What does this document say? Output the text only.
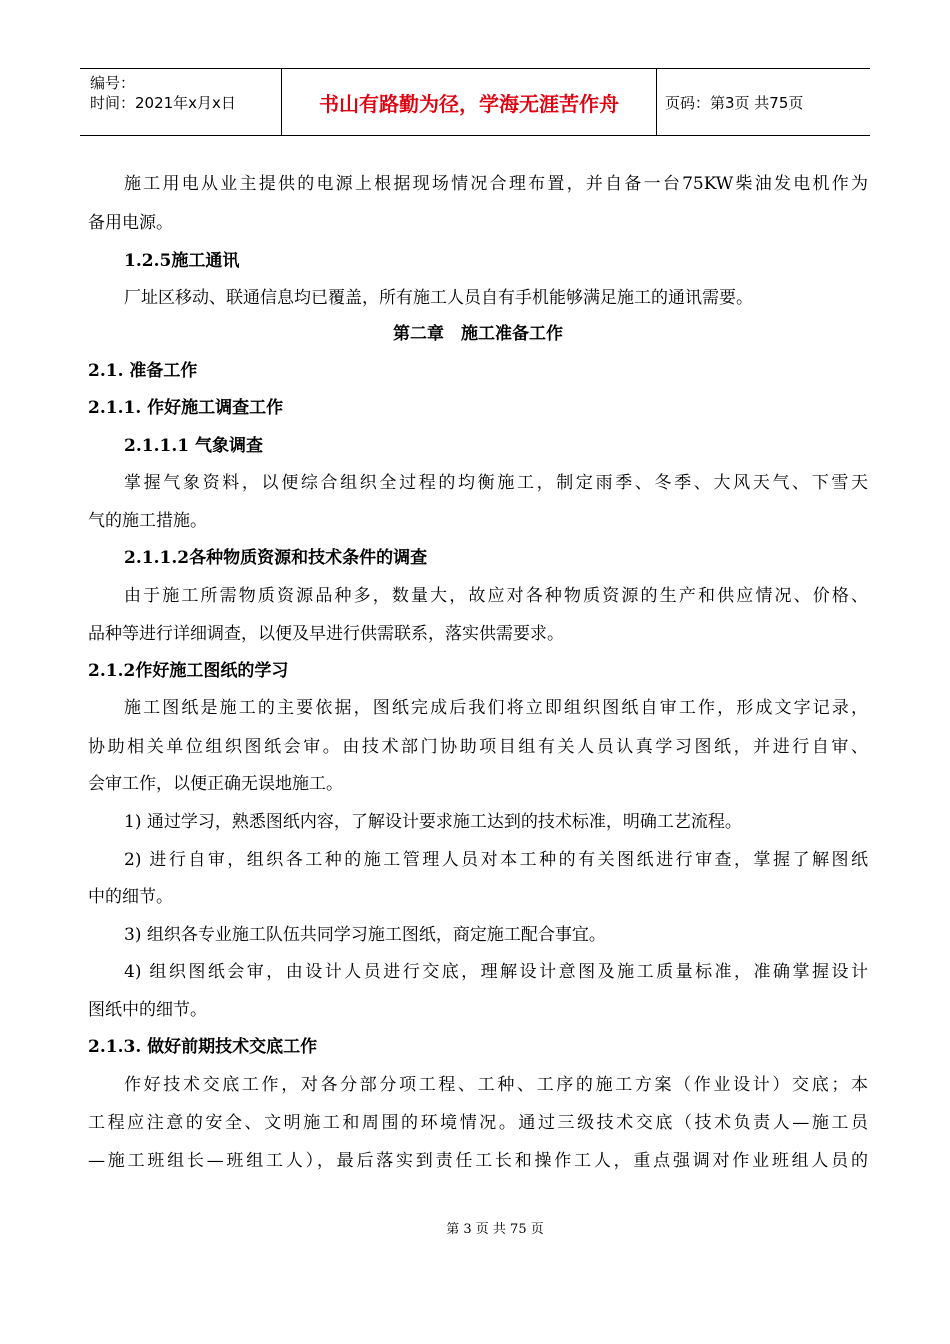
编号：
时间：2021年x月x日	书山有路勤为径，学海无涯苦作舟	页码：第3页 共75页
施工用电从业主提供的电源上根据现场情况合理布置，并自备一台75KW柴油发电机作为
备用电源。
1.2.5施工通讯
厂址区移动、联通信息均已覆盖，所有施工人员自有手机能够满足施工的通讯需要。
第二章　施工准备工作
2.1. 准备工作
2.1.1. 作好施工调查工作
2.1.1.1 气象调查
掌握气象资料，以便综合组织全过程的均衡施工，制定雨季、冬季、大风天气、下雪天
气的施工措施。
2.1.1.2各种物质资源和技术条件的调查
由于施工所需物质资源品种多，数量大，故应对各种物质资源的生产和供应情况、价格、
品种等进行详细调查，以便及早进行供需联系，落实供需要求。
2.1.2作好施工图纸的学习
施工图纸是施工的主要依据，图纸完成后我们将立即组织图纸自审工作，形成文字记录，
协助相关单位组织图纸会审。由技术部门协助项目组有关人员认真学习图纸，并进行自审、
会审工作，以便正确无误地施工。
1) 通过学习，熟悉图纸内容，了解设计要求施工达到的技术标准，明确工艺流程。
2) 进行自审，组织各工种的施工管理人员对本工种的有关图纸进行审查，掌握了解图纸
中的细节。
3) 组织各专业施工队伍共同学习施工图纸，商定施工配合事宜。
4) 组织图纸会审，由设计人员进行交底，理解设计意图及施工质量标准，准确掌握设计
图纸中的细节。
2.1.3. 做好前期技术交底工作
作好技术交底工作，对各分部分项工程、工种、工序的施工方案（作业设计）交底；本
工程应注意的安全、文明施工和周围的环境情况。通过三级技术交底（技术负责人—施工员
—施工班组长—班组工人），最后落实到责任工长和操作工人，重点强调对作业班组人员的
第 3 页 共 75 页
